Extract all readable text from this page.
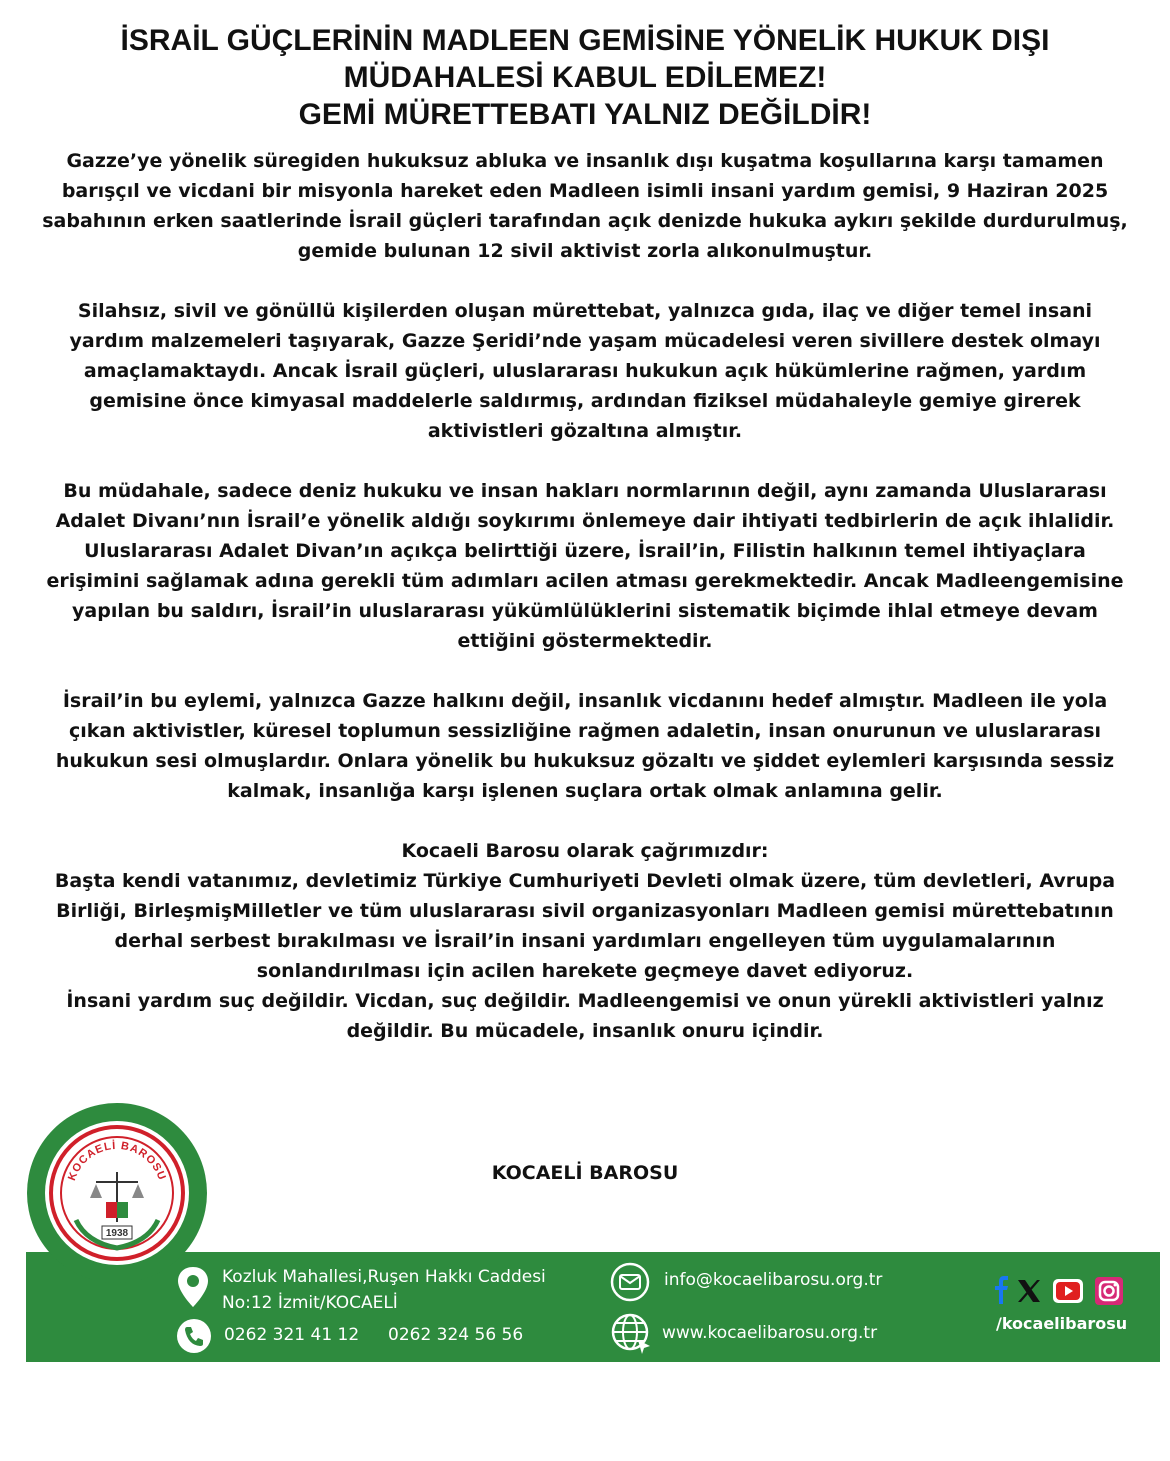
İSRAİL GÜÇLERİNİN MADLEEN GEMİSİNE YÖNELİK HUKUK DIŞI
MÜDAHALESİ KABUL EDİLEMEZ!
GEMİ MÜRETTEBATI YALNIZ DEĞİLDİR!

Gazze’ye yönelik süregiden hukuksuz abluka ve insanlık dışı kuşatma koşullarına karşı tamamen barışçıl ve vicdani bir misyonla hareket eden Madleen isimli insani yardım gemisi, 9 Haziran 2025 sabahının erken saatlerinde İsrail güçleri tarafından açık denizde hukuka aykırı şekilde durdurulmuş, gemide bulunan 12 sivil aktivist zorla alıkonulmuştur.

Silahsız, sivil ve gönüllü kişilerden oluşan mürettebat, yalnızca gıda, ilaç ve diğer temel insani yardım malzemeleri taşıyarak, Gazze Şeridi’nde yaşam mücadelesi veren sivillere destek olmayı amaçlamaktaydı. Ancak İsrail güçleri, uluslararası hukukun açık hükümlerine rağmen, yardım gemisine önce kimyasal maddelerle saldırmış, ardından fiziksel müdahaleyle gemiye girerek aktivistleri gözaltına almıştır.

Bu müdahale, sadece deniz hukuku ve insan hakları normlarının değil, aynı zamanda Uluslararası Adalet Divanı’nın İsrail’e yönelik aldığı soykırımı önlemeye dair ihtiyati tedbirlerin de açık ihlalidir. Uluslararası Adalet Divan’ın açıkça belirttiği üzere, İsrail’in, Filistin halkının temel ihtiyaçlara erişimini sağlamak adına gerekli tüm adımları acilen atması gerekmektedir. Ancak Madleengemisine yapılan bu saldırı, İsrail’in uluslararası yükümlülüklerini sistematik biçimde ihlal etmeye devam ettiğini göstermektedir.

İsrail’in bu eylemi, yalnızca Gazze halkını değil, insanlık vicdanını hedef almıştır. Madleen ile yola çıkan aktivistler, küresel toplumun sessizliğine rağmen adaletin, insan onurunun ve uluslararası hukukun sesi olmuşlardır. Onlara yönelik bu hukuksuz gözaltı ve şiddet eylemleri karşısında sessiz kalmak, insanlığa karşı işlenen suçlara ortak olmak anlamına gelir.

Kocaeli Barosu olarak çağrımızdır:

Başta kendi vatanımız, devletimiz Türkiye Cumhuriyeti Devleti olmak üzere, tüm devletleri, Avrupa Birliği, BirleşmişMilletler ve tüm uluslararası sivil organizasyonları Madleen gemisi mürettebatının derhal serbest bırakılması ve İsrail’in insani yardımları engelleyen tüm uygulamalarının sonlandırılması için acilen harekete geçmeye davet ediyoruz.

İnsani yardım suç değildir. Vicdan, suç değildir. Madleengemisi ve onun yürekli aktivistleri yalnız değildir. Bu mücadele, insanlık onuru içindir.

KOCAELİ BAROSU
KOCAELİ BAROSU
1938
Kozluk Mahallesi,Ruşen Hakkı Caddesi
No:12 İzmit/KOCAELİ
0262 321 41 12 0262 324 56 56
info@kocaelibarosu.org.tr
www.kocaelibarosu.org.tr	/kocaelibarosu
